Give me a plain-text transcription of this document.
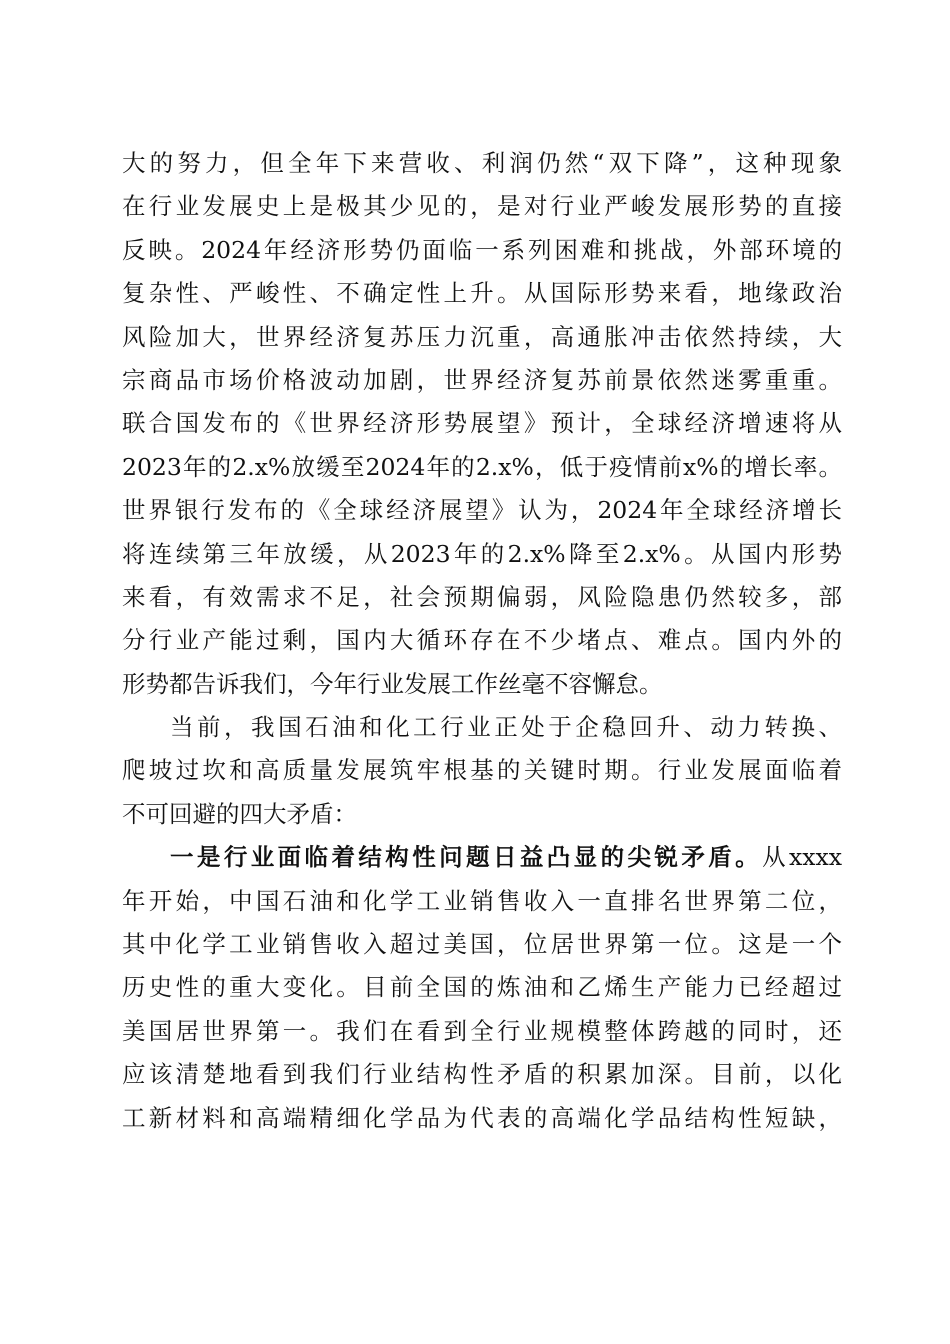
大的努力，但全年下来营收、利润仍然“双下降”，这种现象
在行业发展史上是极其少见的，是对行业严峻发展形势的直接
反映。2024年经济形势仍面临一系列困难和挑战，外部环境的
复杂性、严峻性、不确定性上升。从国际形势来看，地缘政治
风险加大，世界经济复苏压力沉重，高通胀冲击依然持续，大
宗商品市场价格波动加剧，世界经济复苏前景依然迷雾重重。
联合国发布的《世界经济形势展望》预计，全球经济增速将从
2023年的2.x%放缓至2024年的2.x%，低于疫情前x%的增长率。
世界银行发布的《全球经济展望》认为，2024年全球经济增长
将连续第三年放缓，从2023年的2.x%降至2.x%。从国内形势
来看，有效需求不足，社会预期偏弱，风险隐患仍然较多，部
分行业产能过剩，国内大循环存在不少堵点、难点。国内外的
形势都告诉我们，今年行业发展工作丝毫不容懈怠。
当前，我国石油和化工行业正处于企稳回升、动力转换、
爬坡过坎和高质量发展筑牢根基的关键时期。行业发展面临着
不可回避的四大矛盾：
一是行业面临着结构性问题日益凸显的尖锐矛盾。从xxxx
年开始，中国石油和化学工业销售收入一直排名世界第二位，
其中化学工业销售收入超过美国，位居世界第一位。这是一个
历史性的重大变化。目前全国的炼油和乙烯生产能力已经超过
美国居世界第一。我们在看到全行业规模整体跨越的同时，还
应该清楚地看到我们行业结构性矛盾的积累加深。目前，以化
工新材料和高端精细化学品为代表的高端化学品结构性短缺，
